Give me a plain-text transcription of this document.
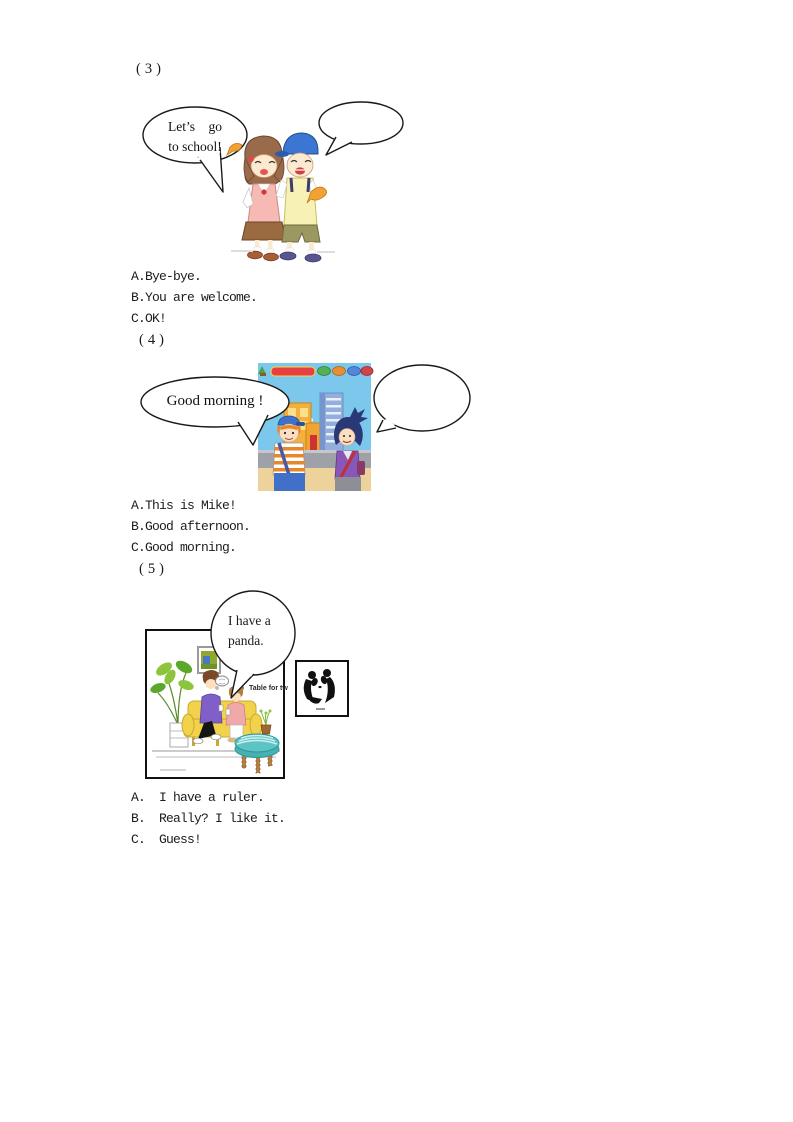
(3)
Let’s    go
to school!
A.Bye-bye.
B.You are welcome.
C.OK!
(4)
Good morning !
A.This is Mike!
B.Good afternoon.
C.Good morning.
(5)
Table for tw
I have a
panda.
A.  I have a ruler.
B.  Really? I like it.
C.  Guess!
